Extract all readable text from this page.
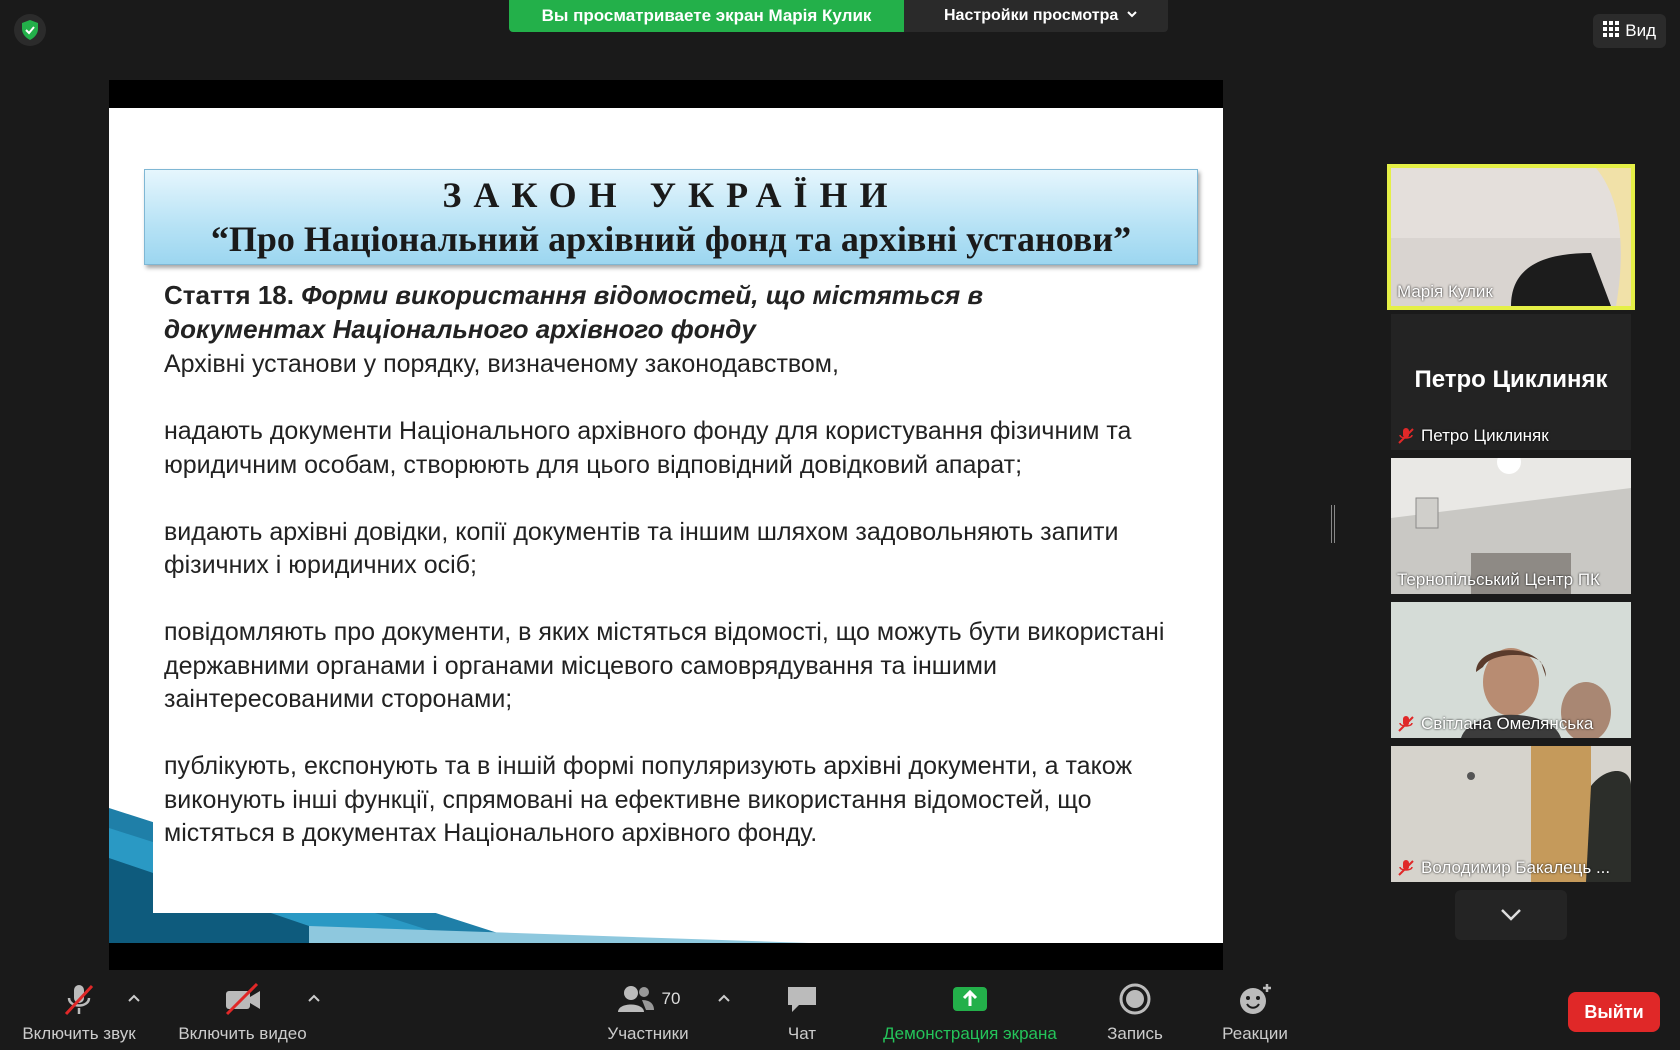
Вы просматриваете экран Марія Кулик	Настройки просмотра
Вид
ЗАКОН УКРАЇНИ
“Про Національний архівний фонд та архівні установи”
Стаття 18. Форми використання відомостей, що містяться в
документах Національного архівного фонду

Архівні установи у порядку, визначеному законодавством,

надають документи Національного архівного фонду для користування фізичним та юридичним особам, створюють для цього відповідний довідковий апарат;

видають архівні довідки, копії документів та іншим шляхом задовольняють запити фізичних і юридичних осіб;

повідомляють про документи, в яких містяться відомості, що можуть бути використані державними органами і органами місцевого самоврядування та іншими заінтересованими сторонами;

публікують, експонують та в іншій формі популяризують архівні документи, а також виконують інші функції, спрямовані на ефективне використання відомостей, що містяться в документах Національного архівного фонду.

Марія Кулик
Петро Циклиняк
Петро Циклиняк
Тернопільський Центр ПК
Світлана Омелянська
Володимир Бакалець ...
Включить звук	Включить видео
70
Участники	Чат	Демонстрация экрана	Запись	Реакции
Выйти
